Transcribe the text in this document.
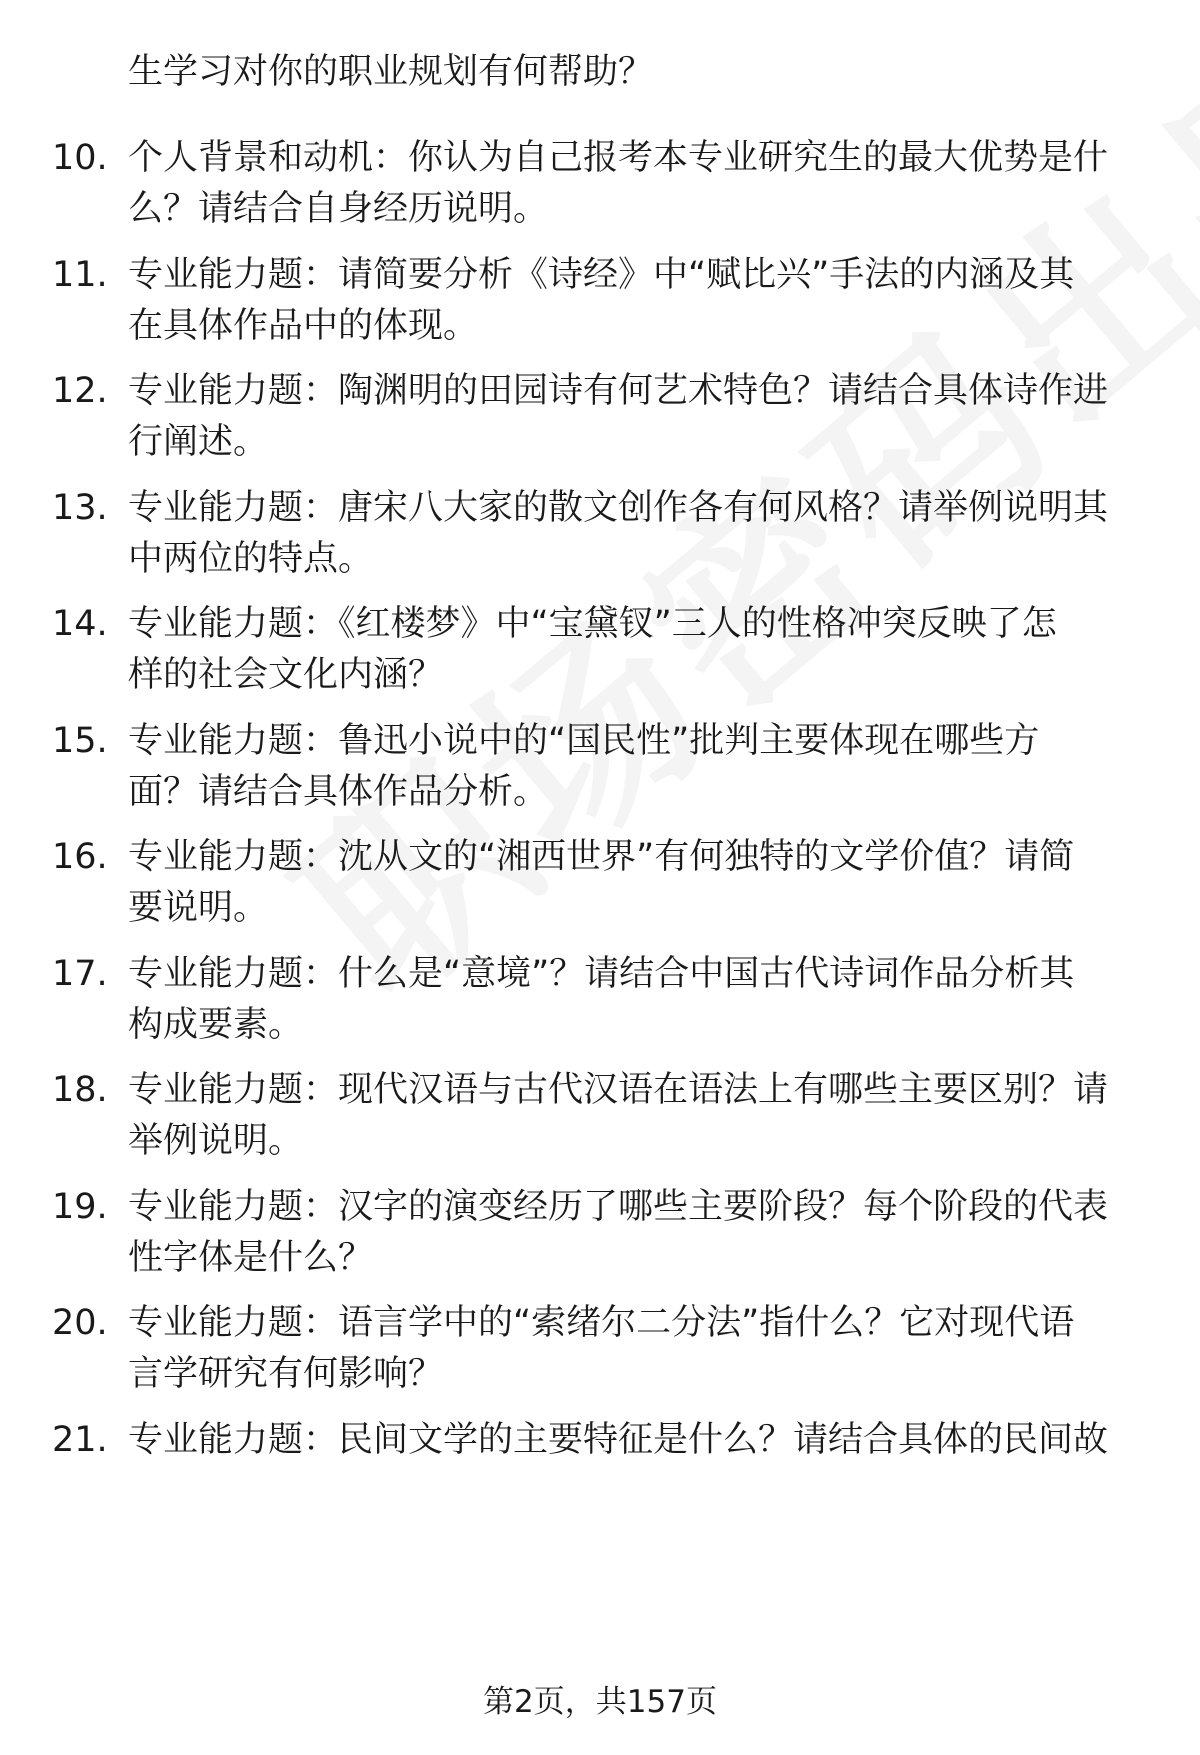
生学习对你的职业规划有何帮助？
10. 个人背景和动机：你认为自己报考本专业研究生的最大优势是什
么？请结合自身经历说明。
11. 专业能力题：请简要分析《诗经》中“赋比兴”手法的内涵及其
在具体作品中的体现。
12. 专业能力题：陶渊明的田园诗有何艺术特色？请结合具体诗作进
行阐述。
13. 专业能力题：唐宋八大家的散文创作各有何风格？请举例说明其
中两位的特点。
14. 专业能力题：《红楼梦》中“宝黛钗”三人的性格冲突反映了怎
样的社会文化内涵？
15. 专业能力题：鲁迅小说中的“国民性”批判主要体现在哪些方
面？请结合具体作品分析。
16. 专业能力题：沈从文的“湘西世界”有何独特的文学价值？请简
要说明。
17. 专业能力题：什么是“意境”？请结合中国古代诗词作品分析其
构成要素。
18. 专业能力题：现代汉语与古代汉语在语法上有哪些主要区别？请
举例说明。
19. 专业能力题：汉字的演变经历了哪些主要阶段？每个阶段的代表
性字体是什么？
20. 专业能力题：语言学中的“索绪尔二分法”指什么？它对现代语
言学研究有何影响？
21. 专业能力题：民间文学的主要特征是什么？请结合具体的民间故
第2页，共157页
